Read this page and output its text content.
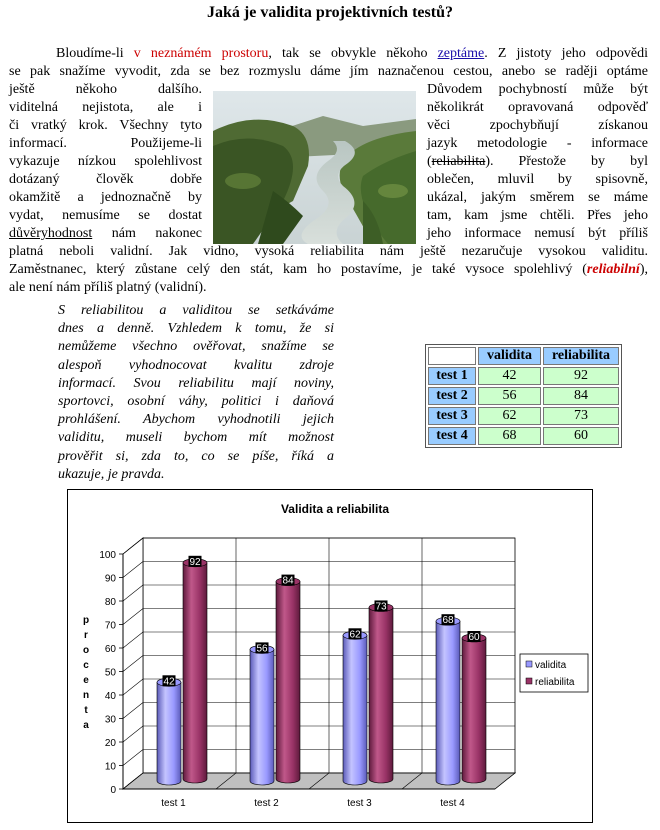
Jaká je validita projektivních testů?
Bloudíme-li v neznámém prostoru, tak se obvykle někoho zeptáme. Z jistoty jeho odpovědi
se pak snažíme vyvodit, zda se bez rozmyslu dáme jím naznačenou cestou, anebo se raději optáme
ještě někoho dalšího.
viditelná nejistota, ale i
či vratký krok. Všechny tyto
informací. Použijeme-li
vykazuje nízkou spolehlivost
dotázaný člověk dobře
okamžitě a jednoznačně by
vydat, nemusíme se dostat
důvěryhodnost nám nakonec
Důvodem pochybností může být
několikrát opravovaná odpověď
věci zpochybňují získanou
jazyk metodologie - informace
(reliabilita). Přestože by byl
oblečen, mluvil by spisovně,
ukázal, jakým směrem se máme
tam, kam jsme chtěli. Přes jeho
jeho informace nemusí být příliš
platná neboli validní. Jak vidno, vysoká reliabilita nám ještě nezaručuje vysokou validitu.
Zaměstnanec, který zůstane celý den stát, kam ho postavíme, je také vysoce spolehlivý (reliabilní),
ale není nám příliš platný (validní).
S reliabilitou a validitou se setkáváme
dnes a denně. Vzhledem k tomu, že si
nemůžeme všechno ověřovat, snažíme se
alespoň vyhodnocovat kvalitu zdroje
informací. Svou reliabilitu mají noviny,
sportovci, osobní váhy, politici i daňová
prohlášení. Abychom vyhodnotili jejich
validitu, museli bychom mít možnost
prověřit si, zda to, co se píše, říká a
ukazuje, je pravda.
	validita	reliabilita
test 1	42	92
test 2	56	84
test 3	62	73
test 4	68	60
0
10
20
30
40
50
60
70
80
90
100
42
92
test 1
56
84
test 2
62
73
test 3
68
60
test 4
Validita a reliabilita
p
r
o
c
e
n
t
a
validita
reliabilita
